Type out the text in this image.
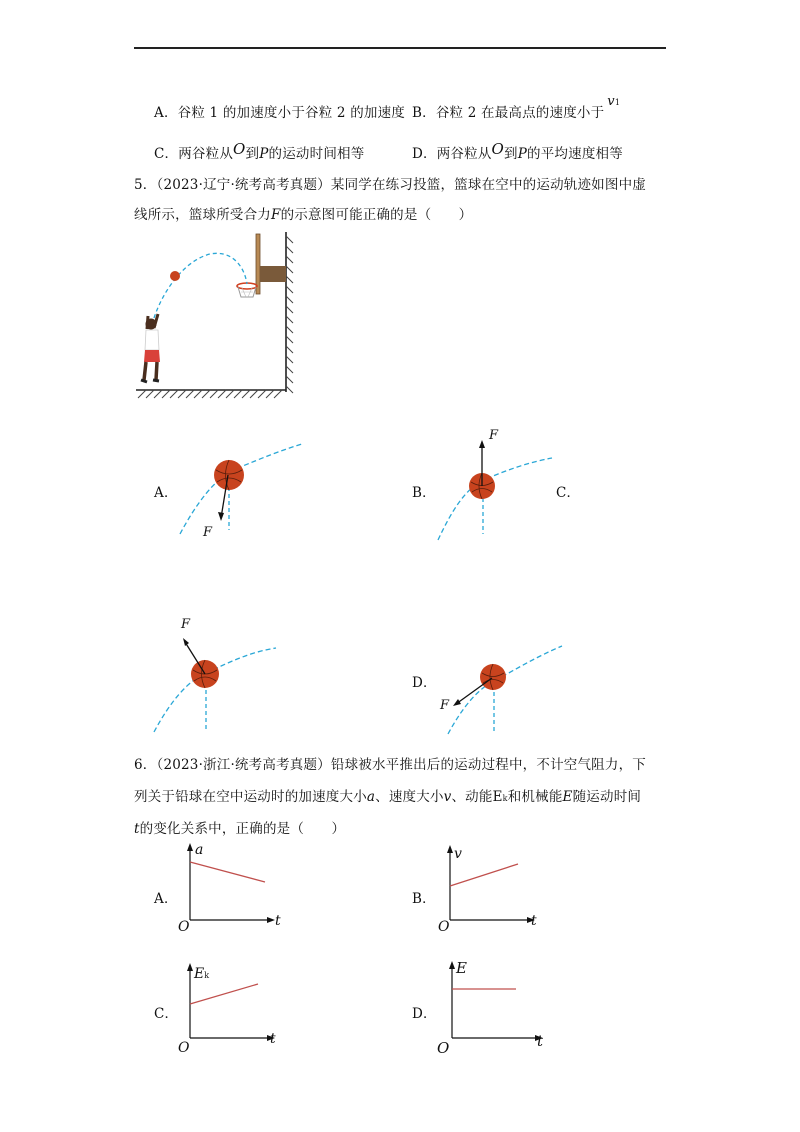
A．谷粒 1 的加速度小于谷粒 2 的加速度 B．谷粒 2 在最高点的速度小于v1
C．两谷粒从O到P的运动时间相等	D．两谷粒从O到P的平均速度相等
5．（2023·辽宁·统考高考真题）某同学在练习投篮，篮球在空中的运动轨迹如图中虚
线所示，篮球所受合力F的示意图可能正确的是（　　）
A．	B．	C．
D．
F
F
F
F
6．（2023·浙江·统考高考真题）铅球被水平推出后的运动过程中，不计空气阻力，下
列关于铅球在空中运动时的加速度大小a、速度大小v、动能Ek和机械能E随运动时间
t的变化关系中，正确的是（　　）
A．	B．
C．	D．
a
t
O
v
t
O
Ek
t
O
E
t
O
